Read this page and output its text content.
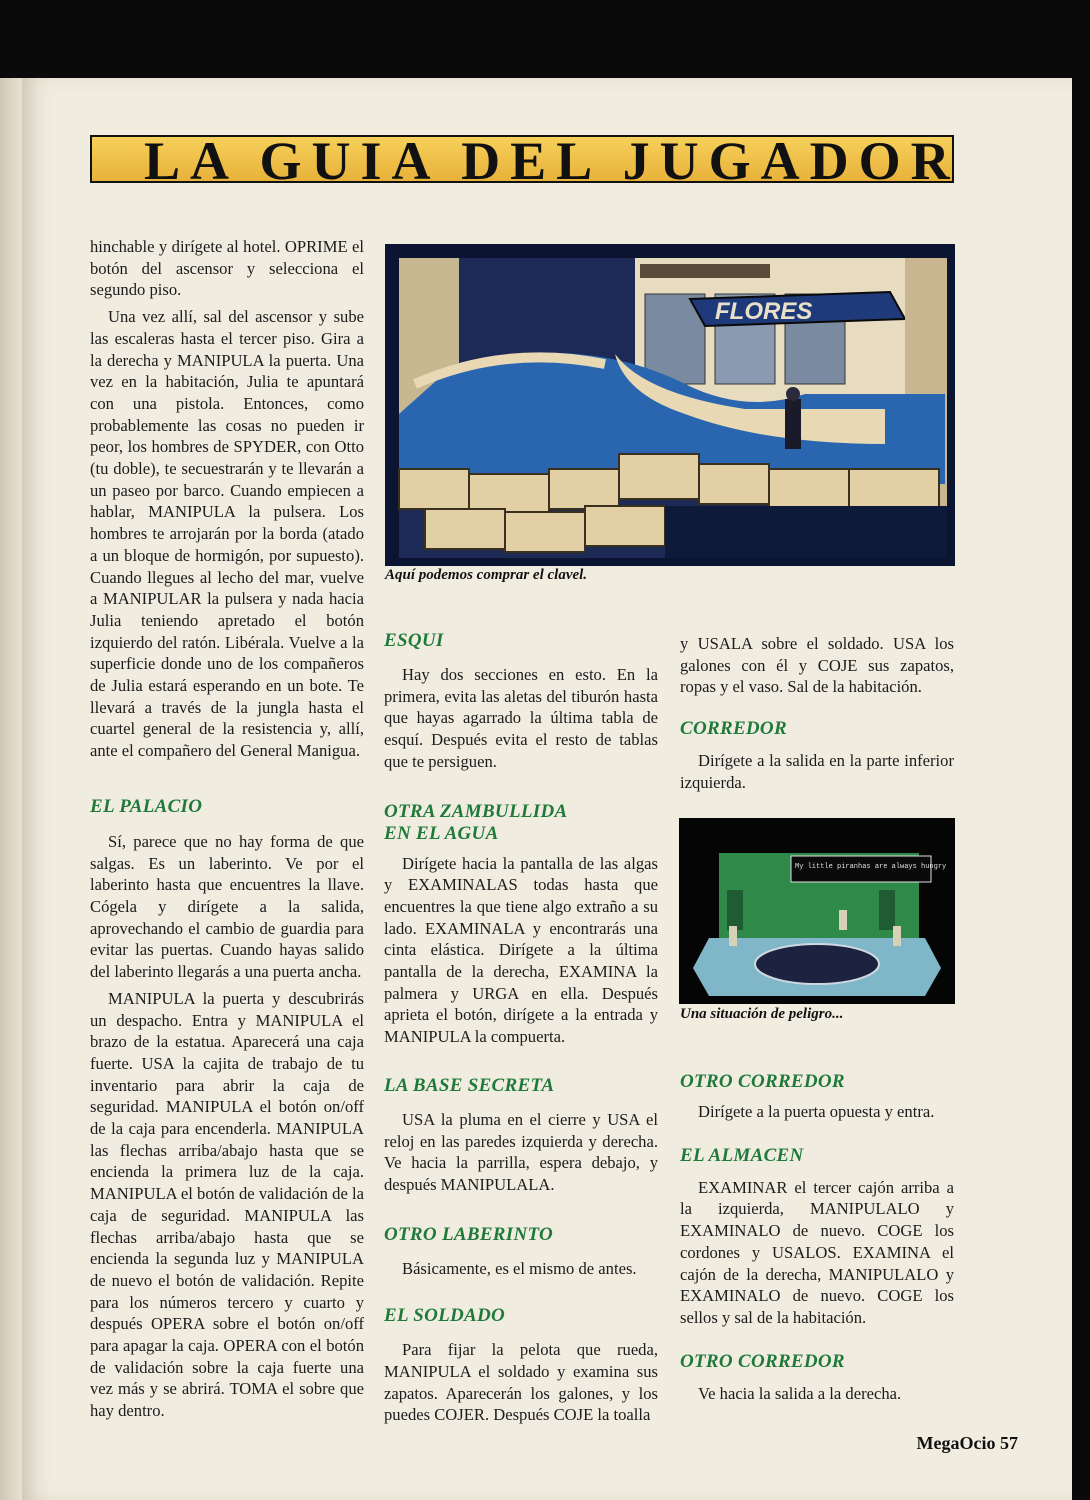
LA GUIA DEL JUGADOR

hinchable y dirígete al hotel. OPRIME el botón del ascensor y selecciona el segundo piso.

Una vez allí, sal del ascensor y sube las escaleras hasta el tercer piso. Gira a la derecha y MANIPULA la puerta. Una vez en la habitación, Julia te apuntará con una pistola. Entonces, como probablemente las cosas no pueden ir peor, los hombres de SPYDER, con Otto (tu doble), te secuestrarán y te llevarán a un paseo por barco. Cuando empiecen a hablar, MANIPULA la pulsera. Los hombres te arrojarán por la borda (atado a un bloque de hormigón, por supuesto). Cuando llegues al lecho del mar, vuelve a MANIPULAR la pulsera y nada hacia Julia teniendo apretado el botón izquierdo del ratón. Libérala. Vuelve a la superficie donde uno de los compañeros de Julia estará esperando en un bote. Te llevará a través de la jungla hasta el cuartel general de la resistencia y, allí, ante el compañero del General Manigua.

EL PALACIO

Sí, parece que no hay forma de que salgas. Es un laberinto. Ve por el laberinto hasta que encuentres la llave. Cógela y dirígete a la salida, aprovechando el cambio de guardia para evitar las puertas. Cuando hayas salido del laberinto llegarás a una puerta ancha.

MANIPULA la puerta y descubrirás un despacho. Entra y MANIPULA el brazo de la estatua. Aparecerá una caja fuerte. USA la cajita de trabajo de tu inventario para abrir la caja de seguridad. MANIPULA el botón on/off de la caja para encenderla. MANIPULA las flechas arriba/abajo hasta que se encienda la primera luz de la caja. MANIPULA el botón de validación de la caja de seguridad. MANIPULA las flechas arriba/abajo hasta que se encienda la segunda luz y MANIPULA de nuevo el botón de validación. Repite para los números tercero y cuarto y después OPERA sobre el botón on/off para apagar la caja. OPERA con el botón de validación sobre la caja fuerte una vez más y se abrirá. TOMA el sobre que hay dentro.

FLORES
Aquí podemos comprar el clavel.
ESQUI

Hay dos secciones en esto. En la primera, evita las aletas del tiburón hasta que hayas agarrado la última tabla de esquí. Después evita el resto de tablas que te persiguen.

OTRA ZAMBULLIDA EN EL AGUA

Dirígete hacia la pantalla de las algas y EXAMINALAS todas hasta que encuentres la que tiene algo extraño a su lado. EXAMINALA y encontrarás una cinta elástica. Dirígete a la última pantalla de la derecha, EXAMINA la palmera y URGA en ella. Después aprieta el botón, dirígete a la entrada y MANIPULA la compuerta.

LA BASE SECRETA

USA la pluma en el cierre y USA el reloj en las paredes izquierda y derecha. Ve hacia la parrilla, espera debajo, y después MANIPULALA.

OTRO LABERINTO

Básicamente, es el mismo de antes.

EL SOLDADO

Para fijar la pelota que rueda, MANIPULA el soldado y examina sus zapatos. Aparecerán los galones, y los puedes COJER. Después COJE la toalla

y USALA sobre el soldado. USA los galones con él y COJE sus zapatos, ropas y el vaso. Sal de la habitación.

CORREDOR

Dirígete a la salida en la parte inferior izquierda.

My little piranhas are always hungry
Una situación de peligro...
OTRO CORREDOR

Dirígete a la puerta opuesta y entra.

EL ALMACEN

EXAMINAR el tercer cajón arriba a la izquierda, MANIPULALO y EXAMINALO de nuevo. COGE los cordones y USALOS. EXAMINA el cajón de la derecha, MANIPULALO y EXAMINALO de nuevo. COGE los sellos y sal de la habitación.

OTRO CORREDOR

Ve hacia la salida a la derecha.

MegaOcio 57
